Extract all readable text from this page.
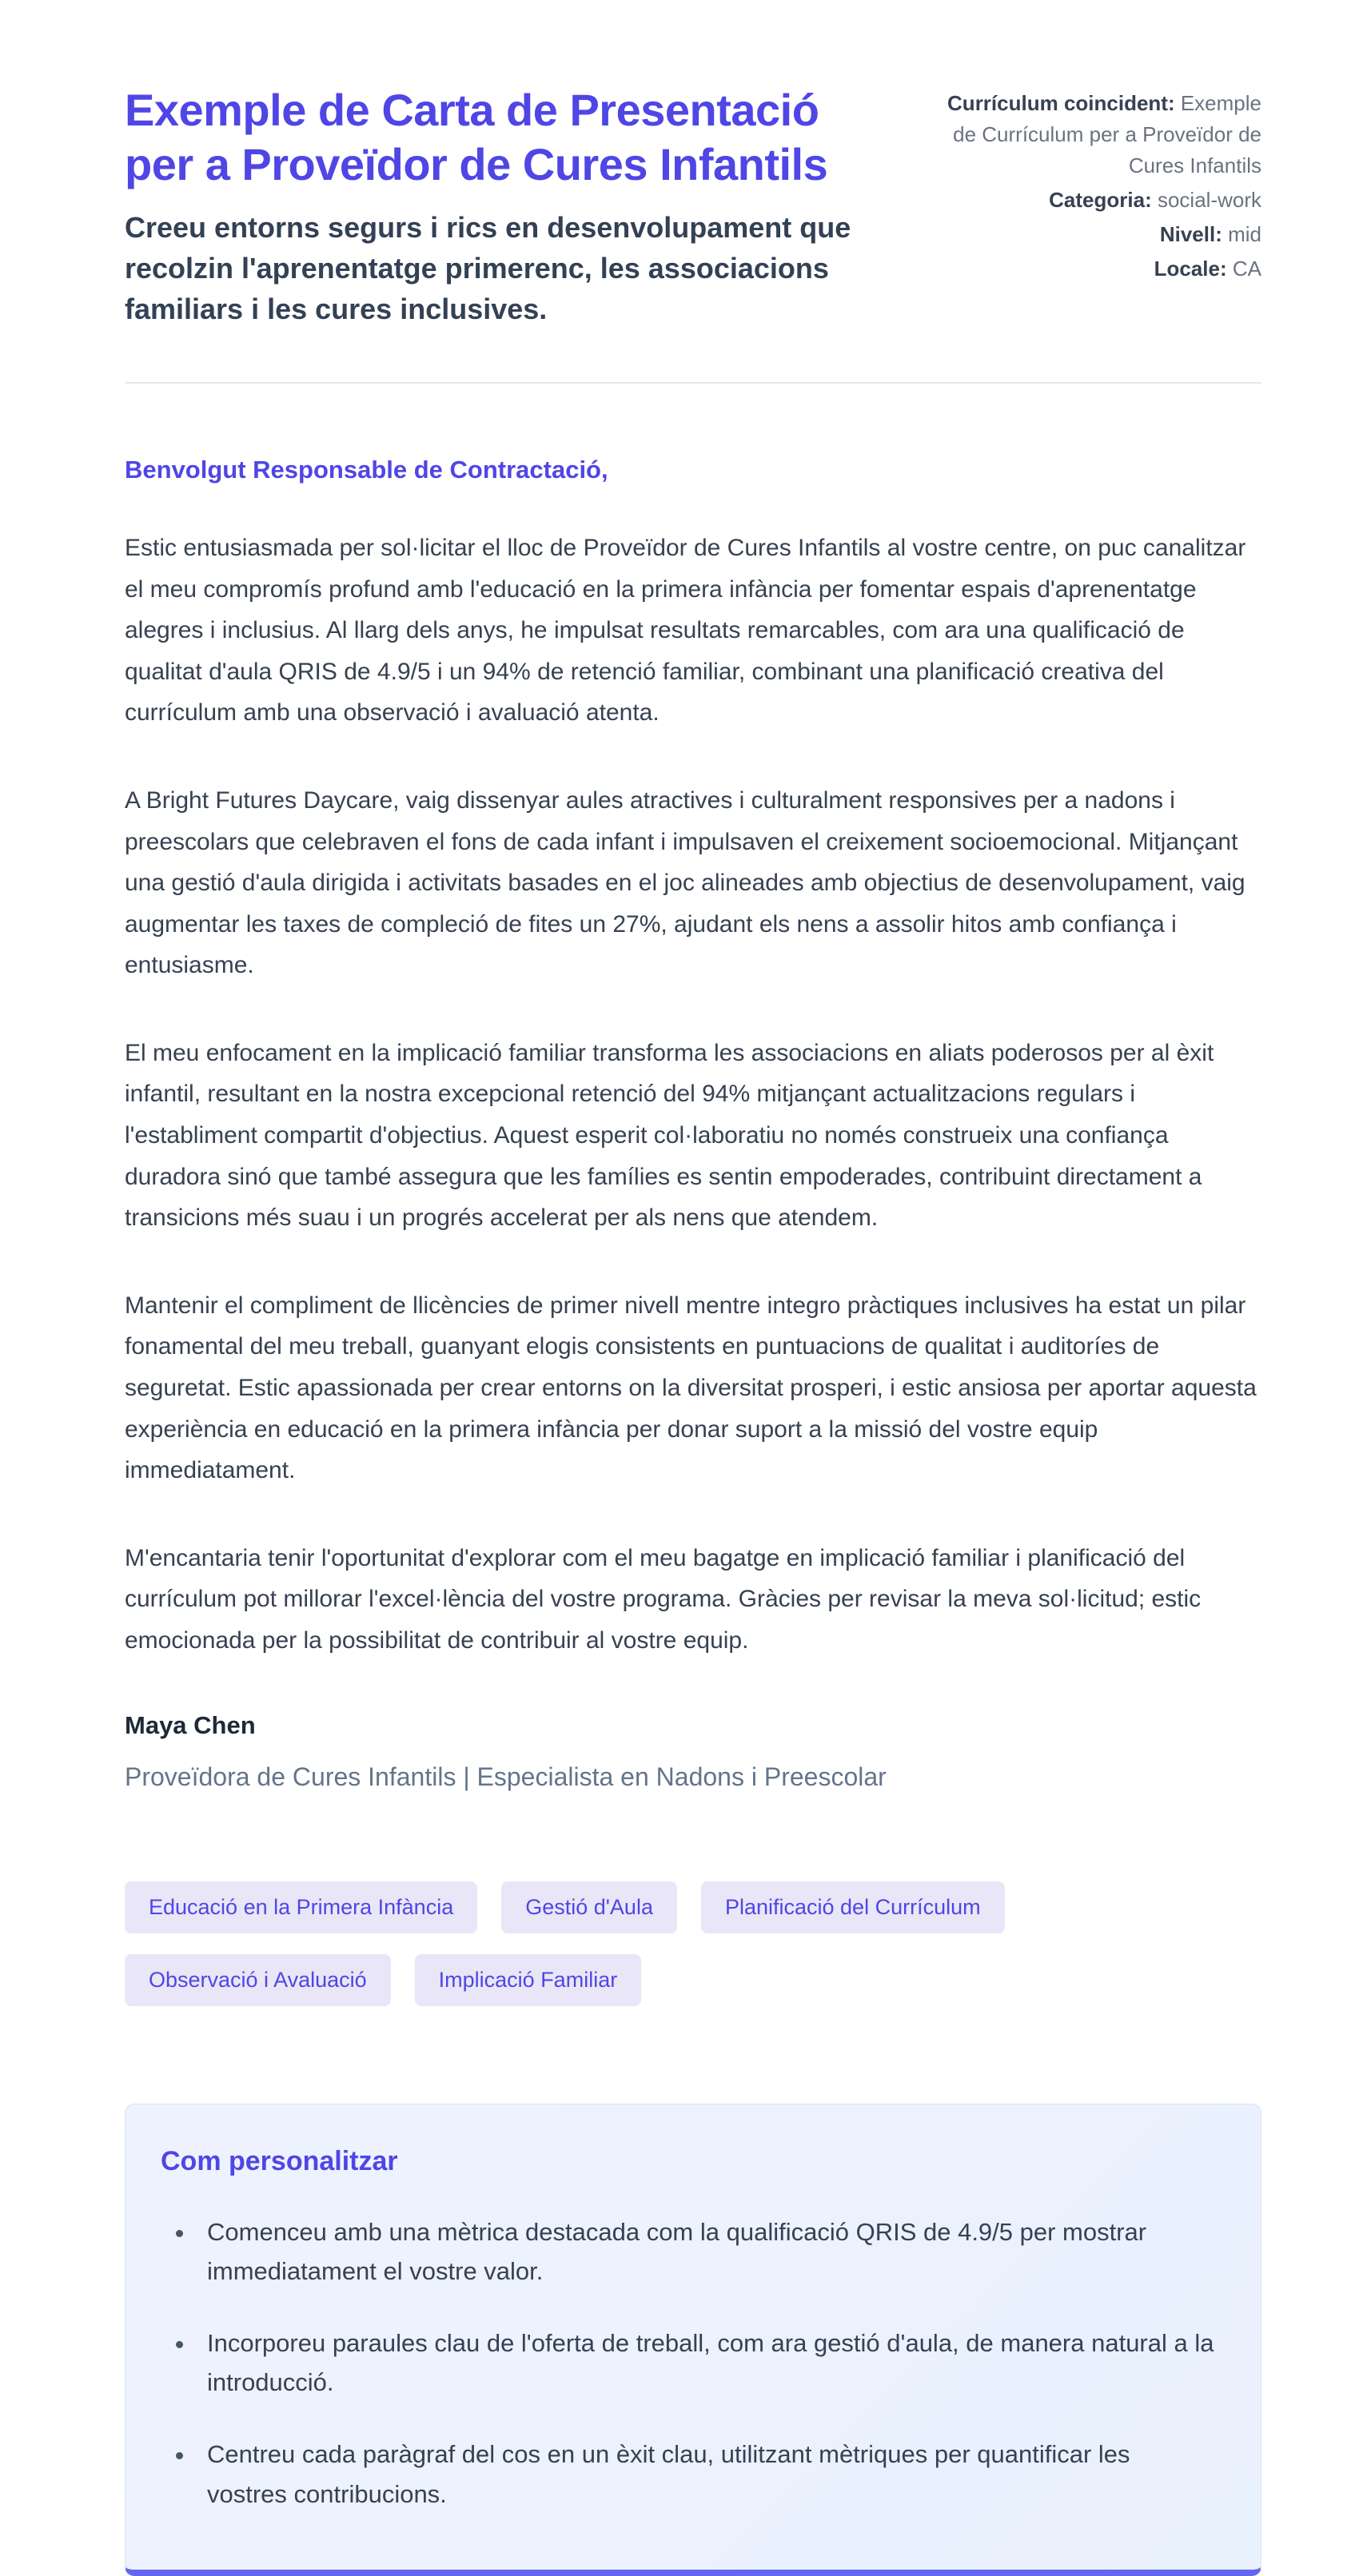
Exemple de Carta de Presentació per a Proveïdor de Cures Infantils

Creeu entorns segurs i rics en desenvolupament que recolzin l'aprenentatge primerenc, les associacions familiars i les cures inclusives.

Currículum coincident: Exemple de Currículum per a Proveïdor de Cures Infantils

Categoria: social-work

Nivell: mid

Locale: CA

Benvolgut Responsable de Contractació,

Estic entusiasmada per sol·licitar el lloc de Proveïdor de Cures Infantils al vostre centre, on puc canalitzar el meu compromís profund amb l'educació en la primera infància per fomentar espais d'aprenentatge alegres i inclusius. Al llarg dels anys, he impulsat resultats remarcables, com ara una qualificació de qualitat d'aula QRIS de 4.9/5 i un 94% de retenció familiar, combinant una planificació creativa del currículum amb una observació i avaluació atenta.

A Bright Futures Daycare, vaig dissenyar aules atractives i culturalment responsives per a nadons i preescolars que celebraven el fons de cada infant i impulsaven el creixement socioemocional. Mitjançant una gestió d'aula dirigida i activitats basades en el joc alineades amb objectius de desenvolupament, vaig augmentar les taxes de compleció de fites un 27%, ajudant els nens a assolir hitos amb confiança i entusiasme.

El meu enfocament en la implicació familiar transforma les associacions en aliats poderosos per al èxit infantil, resultant en la nostra excepcional retenció del 94% mitjançant actualitzacions regulars i l'establiment compartit d'objectius. Aquest esperit col·laboratiu no només construeix una confiança duradora sinó que també assegura que les famílies es sentin empoderades, contribuint directament a transicions més suau i un progrés accelerat per als nens que atendem.

Mantenir el compliment de llicències de primer nivell mentre integro pràctiques inclusives ha estat un pilar fonamental del meu treball, guanyant elogis consistents en puntuacions de qualitat i auditoríes de seguretat. Estic apassionada per crear entorns on la diversitat prosperi, i estic ansiosa per aportar aquesta experiència en educació en la primera infància per donar suport a la missió del vostre equip immediatament.

M'encantaria tenir l'oportunitat d'explorar com el meu bagatge en implicació familiar i planificació del currículum pot millorar l'excel·lència del vostre programa. Gràcies per revisar la meva sol·licitud; estic emocionada per la possibilitat de contribuir al vostre equip.

Maya Chen

Proveïdora de Cures Infantils | Especialista en Nadons i Preescolar

Educació en la Primera Infància	Gestió d'Aula	Planificació del Currículum
Observació i Avaluació	Implicació Familiar
Com personalitzar
• Comenceu amb una mètrica destacada com la qualificació QRIS de 4.9/5 per mostrar immediatament el vostre valor.
• Incorporeu paraules clau de l'oferta de treball, com ara gestió d'aula, de manera natural a la introducció.
• Centreu cada paràgraf del cos en un èxit clau, utilitzant mètriques per quantificar les vostres contribucions.
